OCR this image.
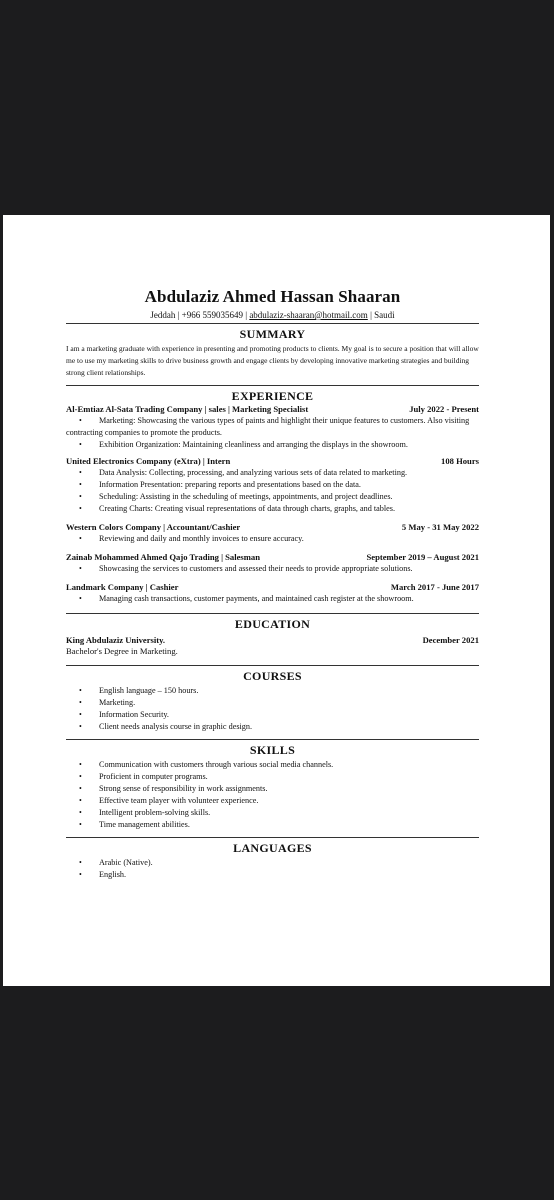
Abdulaziz Ahmed Hassan Shaaran
Jeddah | +966 559035649 | abdulaziz-shaaran@hotmail.com | Saudi
SUMMARY
I am a marketing graduate with experience in presenting and promoting products to clients. My goal is to secure a position that will allow me to use my marketing skills to drive business growth and engage clients by developing innovative marketing strategies and building strong client relationships.
EXPERIENCE
Al-Emtiaz Al-Sata Trading Company | sales | Marketing Specialist	July 2022 - Present
• Marketing: Showcasing the various types of paints and highlight their unique features to customers. Also visiting contracting companies to promote the products.
• Exhibition Organization: Maintaining cleanliness and arranging the displays in the showroom.
United Electronics Company (eXtra) | Intern	108 Hours
• Data Analysis: Collecting, processing, and analyzing various sets of data related to marketing.
• Information Presentation: preparing reports and presentations based on the data.
• Scheduling: Assisting in the scheduling of meetings, appointments, and project deadlines.
• Creating Charts: Creating visual representations of data through charts, graphs, and tables.
Western Colors Company | Accountant/Cashier	5 May - 31 May 2022
• Reviewing and daily and monthly invoices to ensure accuracy.
Zainab Mohammed Ahmed Qajo Trading | Salesman	September 2019 – August 2021
• Showcasing the services to customers and assessed their needs to provide appropriate solutions.
Landmark Company | Cashier	March 2017 - June 2017
• Managing cash transactions, customer payments, and maintained cash register at the showroom.
EDUCATION
King Abdulaziz University.	December 2021
Bachelor's Degree in Marketing.
COURSES
• English language – 150 hours.
• Marketing.
• Information Security.
• Client needs analysis course in graphic design.
SKILLS
• Communication with customers through various social media channels.
• Proficient in computer programs.
• Strong sense of responsibility in work assignments.
• Effective team player with volunteer experience.
• Intelligent problem-solving skills.
• Time management abilities.
LANGUAGES
• Arabic (Native).
• English.
